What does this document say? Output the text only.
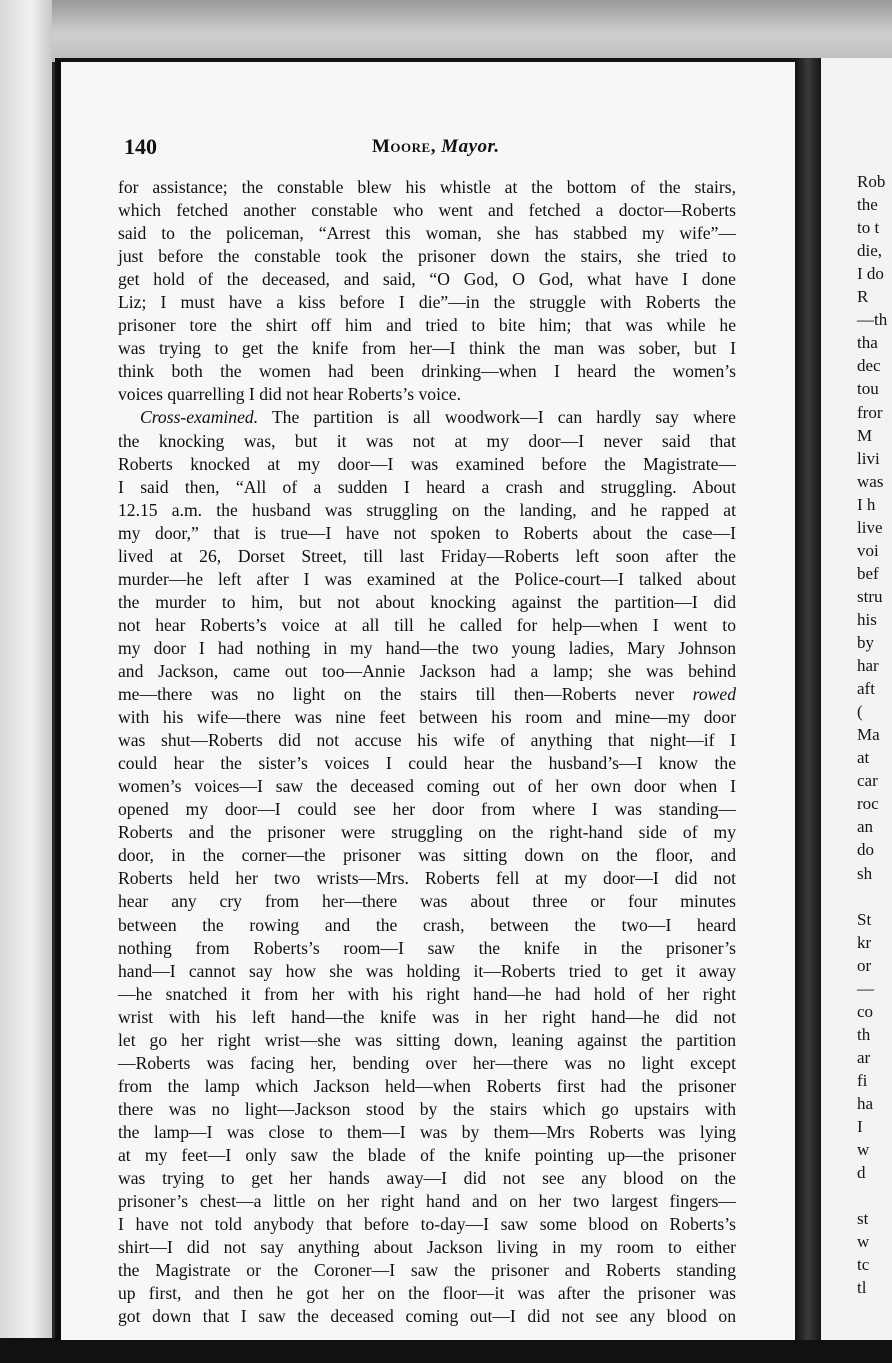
140	Moore, Mayor.
for assistance; the constable blew his whistle at the bottom of the stairs,
which fetched another constable who went and fetched a doctor—Roberts
said to the policeman, “Arrest this woman, she has stabbed my wife”—
just before the constable took the prisoner down the stairs, she tried to
get hold of the deceased, and said, “O God, O God, what have I done
Liz; I must have a kiss before I die”—in the struggle with Roberts the
prisoner tore the shirt off him and tried to bite him; that was while he
was trying to get the knife from her—I think the man was sober, but I
think both the women had been drinking—when I heard the women’s
voices quarrelling I did not hear Roberts’s voice.
Cross-examined. The partition is all woodwork—I can hardly say where
the knocking was, but it was not at my door—I never said that
Roberts knocked at my door—I was examined before the Magistrate—
I said then, “All of a sudden I heard a crash and struggling. About
12.15 a.m. the husband was struggling on the landing, and he rapped at
my door,” that is true—I have not spoken to Roberts about the case—I
lived at 26, Dorset Street, till last Friday—Roberts left soon after the
murder—he left after I was examined at the Police-court—I talked about
the murder to him, but not about knocking against the partition—I did
not hear Roberts’s voice at all till he called for help—when I went to
my door I had nothing in my hand—the two young ladies, Mary Johnson
and Jackson, came out too—Annie Jackson had a lamp; she was behind
me—there was no light on the stairs till then—Roberts never rowed
with his wife—there was nine feet between his room and mine—my door
was shut—Roberts did not accuse his wife of anything that night—if I
could hear the sister’s voices I could hear the husband’s—I know the
women’s voices—I saw the deceased coming out of her own door when I
opened my door—I could see her door from where I was standing—
Roberts and the prisoner were struggling on the right-hand side of my
door, in the corner—the prisoner was sitting down on the floor, and
Roberts held her two wrists—Mrs. Roberts fell at my door—I did not
hear any cry from her—there was about three or four minutes
between the rowing and the crash, between the two—I heard
nothing from Roberts’s room—I saw the knife in the prisoner’s
hand—I cannot say how she was holding it—Roberts tried to get it away
—he snatched it from her with his right hand—he had hold of her right
wrist with his left hand—the knife was in her right hand—he did not
let go her right wrist—she was sitting down, leaning against the partition
—Roberts was facing her, bending over her—there was no light except
from the lamp which Jackson held—when Roberts first had the prisoner
there was no light—Jackson stood by the stairs which go upstairs with
the lamp—I was close to them—I was by them—Mrs Roberts was lying
at my feet—I only saw the blade of the knife pointing up—the prisoner
was trying to get her hands away—I did not see any blood on the
prisoner’s chest—a little on her right hand and on her two largest fingers—
I have not told anybody that before to-day—I saw some blood on Roberts’s
shirt—I did not say anything about Jackson living in my room to either
the Magistrate or the Coroner—I saw the prisoner and Roberts standing
up first, and then he got her on the floor—it was after the prisoner was
got down that I saw the deceased coming out—I did not see any blood on
Rob
the
to t
die,
I do
R
—th
tha
dec
tou
fror
M
livi
was
I h
live
voi
bef
stru
his
by
har
aft
(
Ma
at
car
roc
an
do
sh
St
kr
or
—
co
th
ar
fi
ha
I
w
d
st
w
tc
tl
